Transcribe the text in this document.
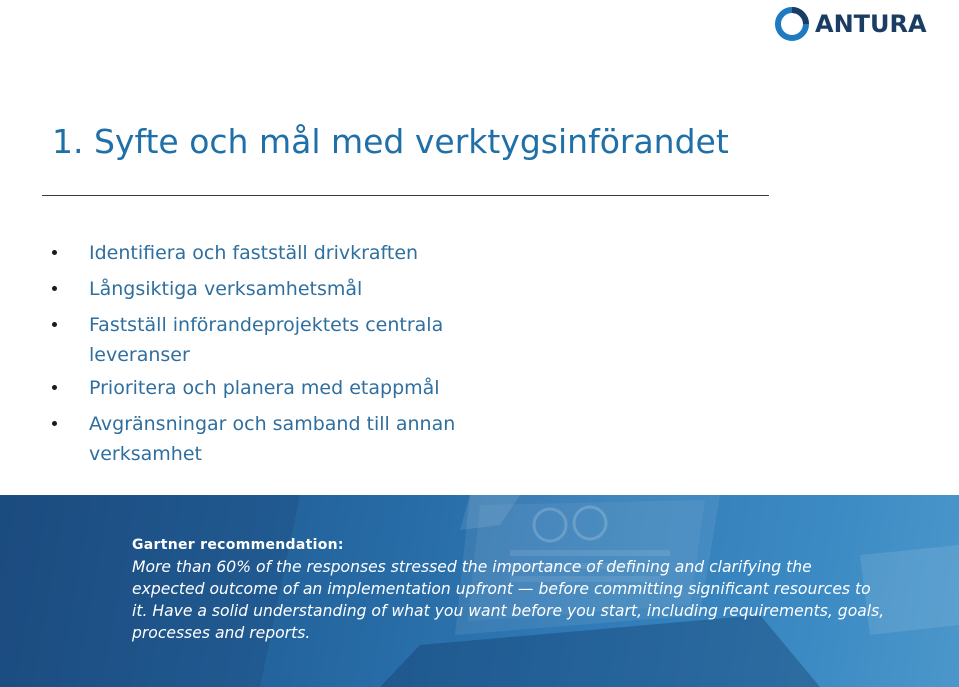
ANTURA
1. Syfte och mål med verktygsinförandet
Identifiera och fastställ drivkraften
Långsiktiga verksamhetsmål
Fastställ införandeprojektets centrala leveranser
Prioritera och planera med etappmål
Avgränsningar och samband till annan verksamhet
Gartner recommendation:

More than 60% of the responses stressed the importance of defining and clarifying the expected outcome of an implementation upfront — before committing significant resources to it. Have a solid understanding of what you want before you start, including requirements, goals, processes and reports.
